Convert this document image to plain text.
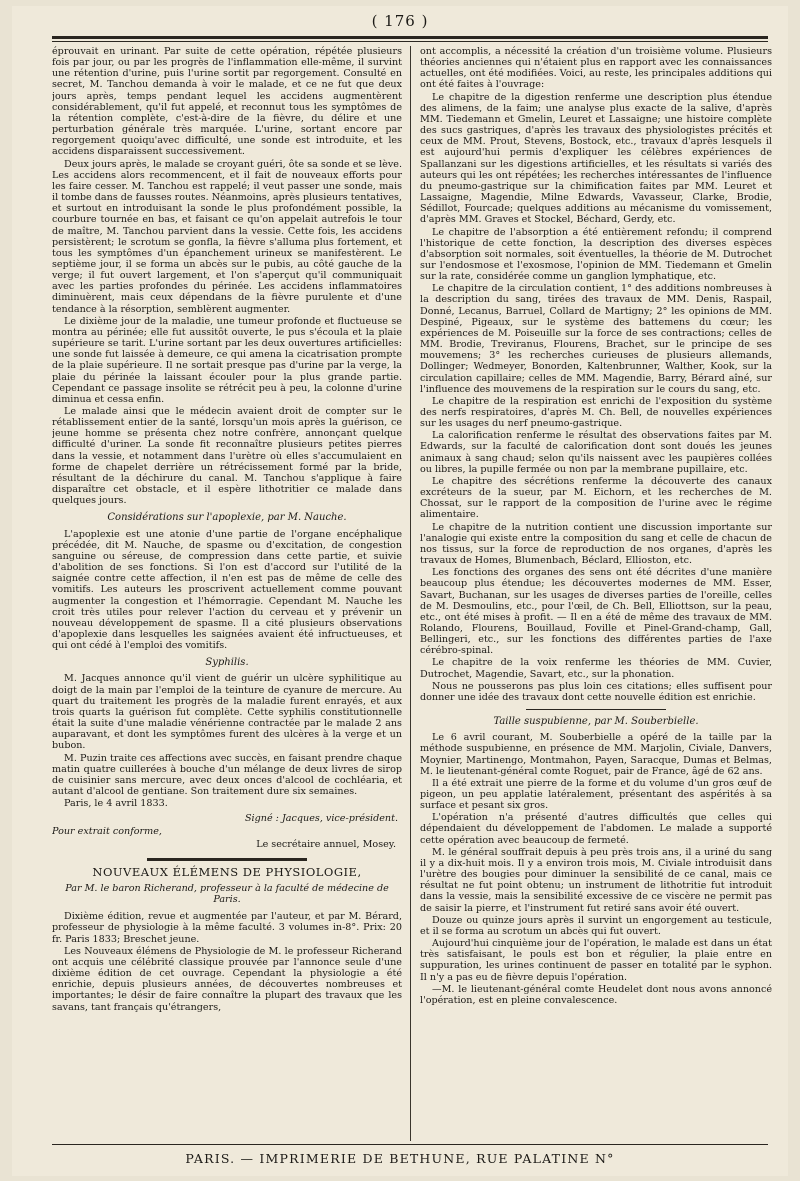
( 176 )

éprouvait en urinant. Par suite de cette opération, répétée plusieurs fois par jour, ou par les progrès de l'inflammation elle-même, il survint une rétention d'urine, puis l'urine sortit par regorgement. Consulté en secret, M. Tanchou demanda à voir le malade, et ce ne fut que deux jours après, temps pendant lequel les accidens augmentèrent considérablement, qu'il fut appelé, et reconnut tous les symptômes de la rétention complète, c'est-à-dire de la fièvre, du délire et une perturbation générale très marquée. L'urine, sortant encore par regorgement quoiqu'avec difficulté, une sonde est introduite, et les accidens disparaissent successivement.

Deux jours après, le malade se croyant guéri, ôte sa sonde et se lève. Les accidens alors recommencent, et il fait de nouveaux efforts pour les faire cesser. M. Tanchou est rappelé; il veut passer une sonde, mais il tombe dans de fausses routes. Néanmoins, après plusieurs tentatives, et surtout en introduisant la sonde le plus profondément possible, la courbure tournée en bas, et faisant ce qu'on appelait autrefois le tour de maître, M. Tanchou parvient dans la vessie. Cette fois, les accidens persistèrent; le scrotum se gonfla, la fièvre s'alluma plus fortement, et tous les symptômes d'un épanchement urineux se manifestèrent. Le septième jour, il se forma un abcès sur le pubis, au côté gauche de la verge; il fut ouvert largement, et l'on s'aperçut qu'il communiquait avec les parties profondes du périnée. Les accidens inflammatoires diminuèrent, mais ceux dépendans de la fièvre purulente et d'une tendance à la résorption, semblèrent augmenter.

Le dixième jour de la maladie, une tumeur profonde et fluctueuse se montra au périnée; elle fut aussitôt ouverte, le pus s'écoula et la plaie supérieure se tarit. L'urine sortant par les deux ouvertures artificielles: une sonde fut laissée à demeure, ce qui amena la cicatrisation prompte de la plaie supérieure. Il ne sortait presque pas d'urine par la verge, la plaie du périnée la laissant écouler pour la plus grande partie. Cependant ce passage insolite se rétrécit peu à peu, la colonne d'urine diminua et cessa enfin.

Le malade ainsi que le médecin avaient droit de compter sur le rétablissement entier de la santé, lorsqu'un mois après la guérison, ce jeune homme se présenta chez notre confrère, annonçant quelque difficulté d'uriner. La sonde fit reconnaître plusieurs petites pierres dans la vessie, et notamment dans l'urètre où elles s'accumulaient en forme de chapelet derrière un rétrécissement formé par la bride, résultant de la déchirure du canal. M. Tanchou s'applique à faire disparaître cet obstacle, et il espère lithotritier ce malade dans quelques jours.

Considérations sur l'apoplexie, par M. Nauche.

L'apoplexie est une atonie d'une partie de l'organe encéphalique précédée, dit M. Nauche, de spasme ou d'excitation, de congestion sanguine ou séreuse, de compression dans cette partie, et suivie d'abolition de ses fonctions. Si l'on est d'accord sur l'utilité de la saignée contre cette affection, il n'en est pas de même de celle des vomitifs. Les auteurs les proscrivent actuellement comme pouvant augmenter la congestion et l'hémorragie. Cependant M. Nauche les croit très utiles pour relever l'action du cerveau et y prévenir un nouveau développement de spasme. Il a cité plusieurs observations d'apoplexie dans lesquelles les saignées avaient été infructueuses, et qui ont cédé à l'emploi des vomitifs.

Syphilis.

M. Jacques annonce qu'il vient de guérir un ulcère syphilitique au doigt de la main par l'emploi de la teinture de cyanure de mercure. Au quart du traitement les progrès de la maladie furent enrayés, et aux trois quarts la guérison fut complète. Cette syphilis constitutionnelle était la suite d'une maladie vénérienne contractée par le malade 2 ans auparavant, et dont les symptômes furent des ulcères à la verge et un bubon.

M. Puzin traite ces affections avec succès, en faisant prendre chaque matin quatre cuillerées à bouche d'un mélange de deux livres de sirop de cuisinier sans mercure, avec deux onces d'alcool de cochléaria, et autant d'alcool de gentiane. Son traitement dure six semaines.

Paris, le 4 avril 1833.

Signé : Jacques, vice-président.

Pour extrait conforme,

Le secrétaire annuel, Mosey.
NOUVEAUX ÉLÉMENS DE PHYSIOLOGIE,
Par M. le baron Richerand, professeur à la faculté de médecine de Paris.

Dixième édition, revue et augmentée par l'auteur, et par M. Bérard, professeur de physiologie à la même faculté. 3 volumes in-8°. Prix: 20 fr. Paris 1833; Breschet jeune.

Les Nouveaux élémens de Physiologie de M. le professeur Richerand ont acquis une célébrité classique prouvée par l'annonce seule d'une dixième édition de cet ouvrage. Cependant la physiologie a été enrichie, depuis plusieurs années, de découvertes nombreuses et importantes; le désir de faire connaître la plupart des travaux que les savans, tant français qu'étrangers,

ont accomplis, a nécessité la création d'un troisième volume. Plusieurs théories anciennes qui n'étaient plus en rapport avec les connaissances actuelles, ont été modifiées. Voici, au reste, les principales additions qui ont été faites à l'ouvrage:

Le chapitre de la digestion renferme une description plus étendue des alimens, de la faim; une analyse plus exacte de la salive, d'après MM. Tiedemann et Gmelin, Leuret et Lassaigne; une histoire complète des sucs gastriques, d'après les travaux des physiologistes précités et ceux de MM. Prout, Stevens, Bostock, etc., travaux d'après lesquels il est aujourd'hui permis d'expliquer les célèbres expériences de Spallanzani sur les digestions artificielles, et les résultats si variés des auteurs qui les ont répétées; les recherches intéressantes de l'influence du pneumo-gastrique sur la chimification faites par MM. Leuret et Lassaigne, Magendie, Milne Edwards, Vavasseur, Clarke, Brodie, Sédillot, Fourcade; quelques additions au mécanisme du vomissement, d'après MM. Graves et Stockel, Béchard, Gerdy, etc.

Le chapitre de l'absorption a été entièrement refondu; il comprend l'historique de cette fonction, la description des diverses espèces d'absorption soit normales, soit éventuelles, la théorie de M. Dutrochet sur l'endosmose et l'exosmose, l'opinion de MM. Tiedemann et Gmelin sur la rate, considérée comme un ganglion lymphatique, etc.

Le chapitre de la circulation contient, 1° des additions nombreuses à la description du sang, tirées des travaux de MM. Denis, Raspail, Donné, Lecanus, Barruel, Collard de Martigny; 2° les opinions de MM. Despiné, Pigeaux, sur le système des battemens du cœur; les expériences de M. Poiseuille sur la force de ses contractions; celles de MM. Brodie, Treviranus, Flourens, Brachet, sur le principe de ses mouvemens; 3° les recherches curieuses de plusieurs allemands, Dollinger; Wedmeyer, Bonorden, Kaltenbrunner, Walther, Kook, sur la circulation capillaire; celles de MM. Magendie, Barry, Bérard aîné, sur l'influence des mouvemens de la respiration sur le cours du sang, etc.

Le chapitre de la respiration est enrichi de l'exposition du système des nerfs respiratoires, d'après M. Ch. Bell, de nouvelles expériences sur les usages du nerf pneumo-gastrique.

La calorification renferme le résultat des observations faites par M. Edwards, sur la faculté de calorification dont sont doués les jeunes animaux à sang chaud; selon qu'ils naissent avec les paupières collées ou libres, la pupille fermée ou non par la membrane pupillaire, etc.

Le chapitre des sécrétions renferme la découverte des canaux excréteurs de la sueur, par M. Eichorn, et les recherches de M. Chossat, sur le rapport de la composition de l'urine avec le régime alimentaire.

Le chapitre de la nutrition contient une discussion importante sur l'analogie qui existe entre la composition du sang et celle de chacun de nos tissus, sur la force de reproduction de nos organes, d'après les travaux de Homes, Blumenbach, Béclard, Ellioston, etc.

Les fonctions des organes des sens ont été décrites d'une manière beaucoup plus étendue; les découvertes modernes de MM. Esser, Savart, Buchanan, sur les usages de diverses parties de l'oreille, celles de M. Desmoulins, etc., pour l'œil, de Ch. Bell, Elliottson, sur la peau, etc., ont été mises à profit. — Il en a été de même des travaux de MM. Rolando, Flourens, Bouillaud, Foville et Pinel-Grand-champ, Gall, Bellingeri, etc., sur les fonctions des différentes parties de l'axe cérébro-spinal.

Le chapitre de la voix renferme les théories de MM. Cuvier, Dutrochet, Magendie, Savart, etc., sur la phonation.

Nous ne pousserons pas plus loin ces citations; elles suffisent pour donner une idée des travaux dont cette nouvelle édition est enrichie.

Taille suspubienne, par M. Souberbielle.

Le 6 avril courant, M. Souberbielle a opéré de la taille par la méthode suspubienne, en présence de MM. Marjolin, Civiale, Danvers, Moynier, Martinengo, Montmahon, Payen, Saracque, Dumas et Belmas, M. le lieutenant-général comte Roguet, pair de France, âgé de 62 ans.

Il a été extrait une pierre de la forme et du volume d'un gros œuf de pigeon, un peu applatie latéralement, présentant des aspérités à sa surface et pesant six gros.

L'opération n'a présenté d'autres difficultés que celles qui dépendaient du développement de l'abdomen. Le malade a supporté cette opération avec beaucoup de fermeté.

M. le général souffrait depuis à peu près trois ans, il a uriné du sang il y a dix-huit mois. Il y a environ trois mois, M. Civiale introduisit dans l'urètre des bougies pour diminuer la sensibilité de ce canal, mais ce résultat ne fut point obtenu; un instrument de lithotritie fut introduit dans la vessie, mais la sensibilité excessive de ce viscère ne permit pas de saisir la pierre, et l'instrument fut retiré sans avoir été ouvert.

Douze ou quinze jours après il survint un engorgement au testicule, et il se forma au scrotum un abcès qui fut ouvert.

Aujourd'hui cinquième jour de l'opération, le malade est dans un état très satisfaisant, le pouls est bon et régulier, la plaie entre en suppuration, les urines continuent de passer en totalité par le syphon. Il n'y a pas eu de fièvre depuis l'opération.

—M. le lieutenant-général comte Heudelet dont nous avons annoncé l'opération, est en pleine convalescence.

PARIS. — IMPRIMERIE DE BETHUNE, RUE PALATINE N°
